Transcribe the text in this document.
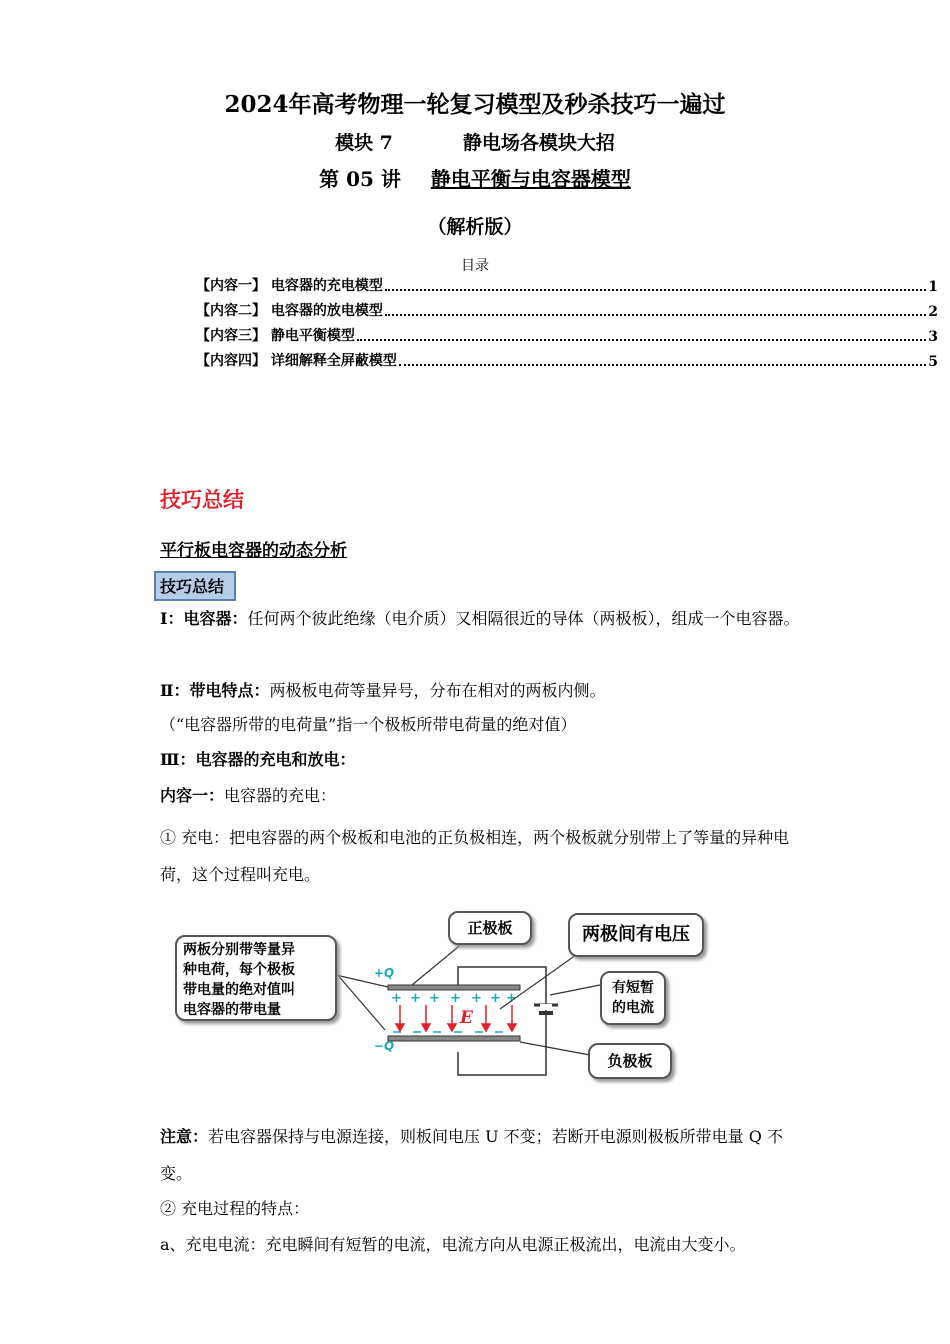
2024年高考物理一轮复习模型及秒杀技巧一遍过
模块 7	静电场各模块大招
第 05 讲 静电平衡与电容器模型
（解析版）
目录
【内容一】 电容器的充电模型	1
【内容二】 电容器的放电模型	2
【内容三】 静电平衡模型	3
【内容四】 详细解释全屏蔽模型	5
技巧总结
平行板电容器的动态分析
技巧总结
Ⅰ：电容器：任何两个彼此绝缘（电介质）又相隔很近的导体（两极板），组成一个电容器。
Ⅱ：带电特点：两极板电荷等量异号，分布在相对的两板内侧。
（“电容器所带的电荷量”指一个极板所带电荷量的绝对值）
Ⅲ：电容器的充电和放电：
内容一：电容器的充电：
① 充电：把电容器的两个极板和电池的正负极相连，两个极板就分别带上了等量的异种电荷，这个过程叫充电。
+ + + + + + +
E
+Q
−Q
两板分别带等量异
种电荷，每个极板
带电量的绝对值叫
电容器的带电量
正极板	两极间有电压
有短暂
的电流
负极板
注意：若电容器保持与电源连接，则板间电压 U 不变；若断开电源则极板所带电量 Q 不变。
② 充电过程的特点：
a、充电电流：充电瞬间有短暂的电流，电流方向从电源正极流出，电流由大变小。
